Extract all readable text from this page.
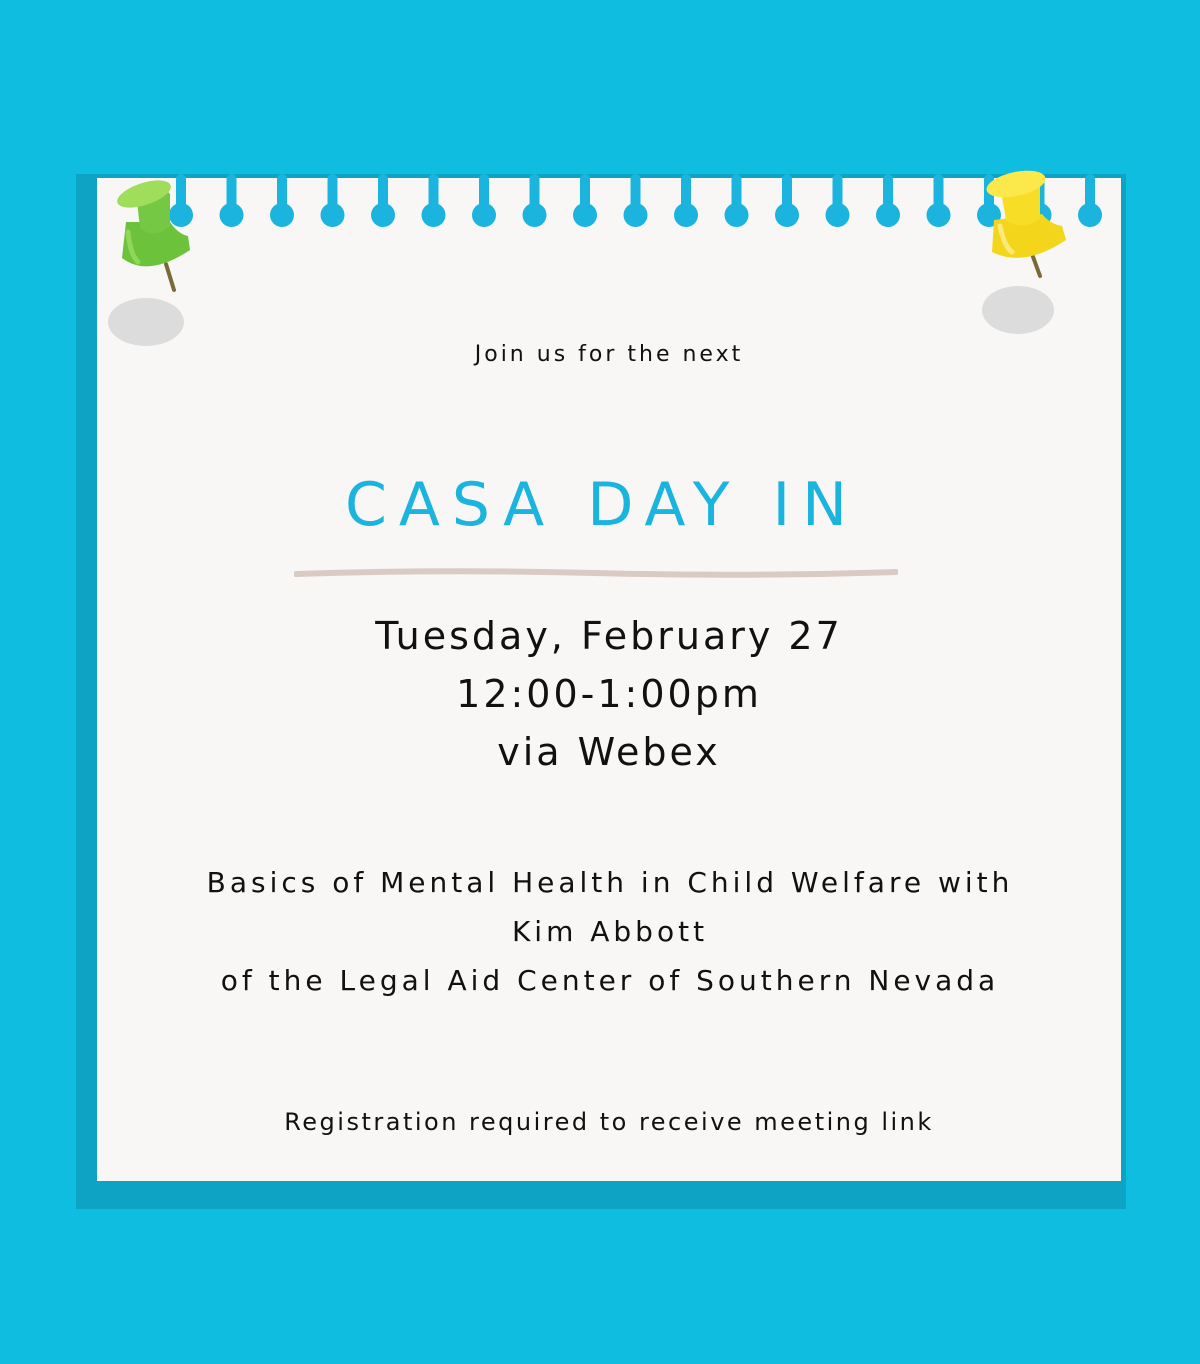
Join us for the next

CASA DAY IN

Tuesday, February 27

12:00-1:00pm

via Webex

Basics of Mental Health in Child Welfare with
Kim Abbott
of the Legal Aid Center of Southern Nevada

Registration required to receive meeting link
